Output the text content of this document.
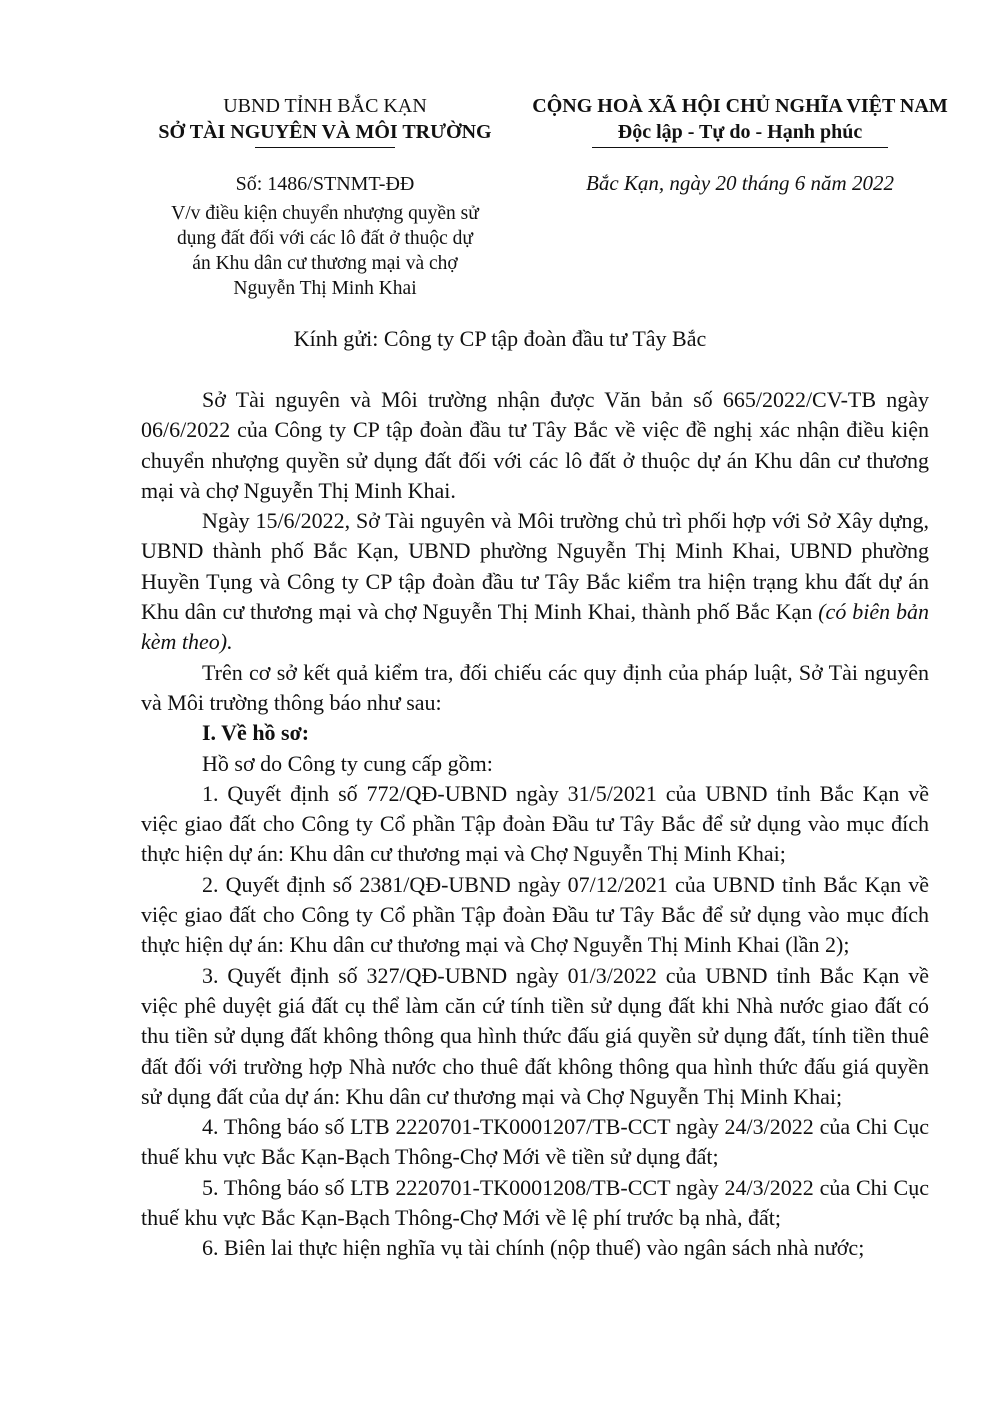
UBND TỈNH BẮC KẠN
SỞ TÀI NGUYÊN VÀ MÔI TRƯỜNG
CỘNG HOÀ XÃ HỘI CHỦ NGHĨA VIỆT NAM
Độc lập - Tự do - Hạnh phúc
Số: 1486/STNMT-ĐĐ
V/v điều kiện chuyển nhượng quyền sử
dụng đất đối với các lô đất ở thuộc dự
án Khu dân cư thương mại và chợ
Nguyễn Thị Minh Khai
Bắc Kạn, ngày 20 tháng 6 năm 2022
Kính gửi: Công ty CP tập đoàn đầu tư Tây Bắc

Sở Tài nguyên và Môi trường nhận được Văn bản số 665/2022/CV-TB ngày 06/6/2022 của Công ty CP tập đoàn đầu tư Tây Bắc về việc đề nghị xác nhận điều kiện chuyển nhượng quyền sử dụng đất đối với các lô đất ở thuộc dự án Khu dân cư thương mại và chợ Nguyễn Thị Minh Khai.

Ngày 15/6/2022, Sở Tài nguyên và Môi trường chủ trì phối hợp với Sở Xây dựng, UBND thành phố Bắc Kạn, UBND phường Nguyễn Thị Minh Khai, UBND phường Huyền Tụng và Công ty CP tập đoàn đầu tư Tây Bắc kiểm tra hiện trạng khu đất dự án Khu dân cư thương mại và chợ Nguyễn Thị Minh Khai, thành phố Bắc Kạn (có biên bản kèm theo).

Trên cơ sở kết quả kiểm tra, đối chiếu các quy định của pháp luật, Sở Tài nguyên và Môi trường thông báo như sau:

I. Về hồ sơ:

Hồ sơ do Công ty cung cấp gồm:

1. Quyết định số 772/QĐ-UBND ngày 31/5/2021 của UBND tỉnh Bắc Kạn về việc giao đất cho Công ty Cổ phần Tập đoàn Đầu tư Tây Bắc để sử dụng vào mục đích thực hiện dự án: Khu dân cư thương mại và Chợ Nguyễn Thị Minh Khai;

2. Quyết định số 2381/QĐ-UBND ngày 07/12/2021 của UBND tỉnh Bắc Kạn về việc giao đất cho Công ty Cổ phần Tập đoàn Đầu tư Tây Bắc để sử dụng vào mục đích thực hiện dự án: Khu dân cư thương mại và Chợ Nguyễn Thị Minh Khai (lần 2);

3. Quyết định số 327/QĐ-UBND ngày 01/3/2022 của UBND tỉnh Bắc Kạn về việc phê duyệt giá đất cụ thể làm căn cứ tính tiền sử dụng đất khi Nhà nước giao đất có thu tiền sử dụng đất không thông qua hình thức đấu giá quyền sử dụng đất, tính tiền thuê đất đối với trường hợp Nhà nước cho thuê đất không thông qua hình thức đấu giá quyền sử dụng đất của dự án: Khu dân cư thương mại và Chợ Nguyễn Thị Minh Khai;

4. Thông báo số LTB 2220701-TK0001207/TB-CCT ngày 24/3/2022 của Chi Cục thuế khu vực Bắc Kạn-Bạch Thông-Chợ Mới về tiền sử dụng đất;

5. Thông báo số LTB 2220701-TK0001208/TB-CCT ngày 24/3/2022 của Chi Cục thuế khu vực Bắc Kạn-Bạch Thông-Chợ Mới về lệ phí trước bạ nhà, đất;

6. Biên lai thực hiện nghĩa vụ tài chính (nộp thuế) vào ngân sách nhà nước;
